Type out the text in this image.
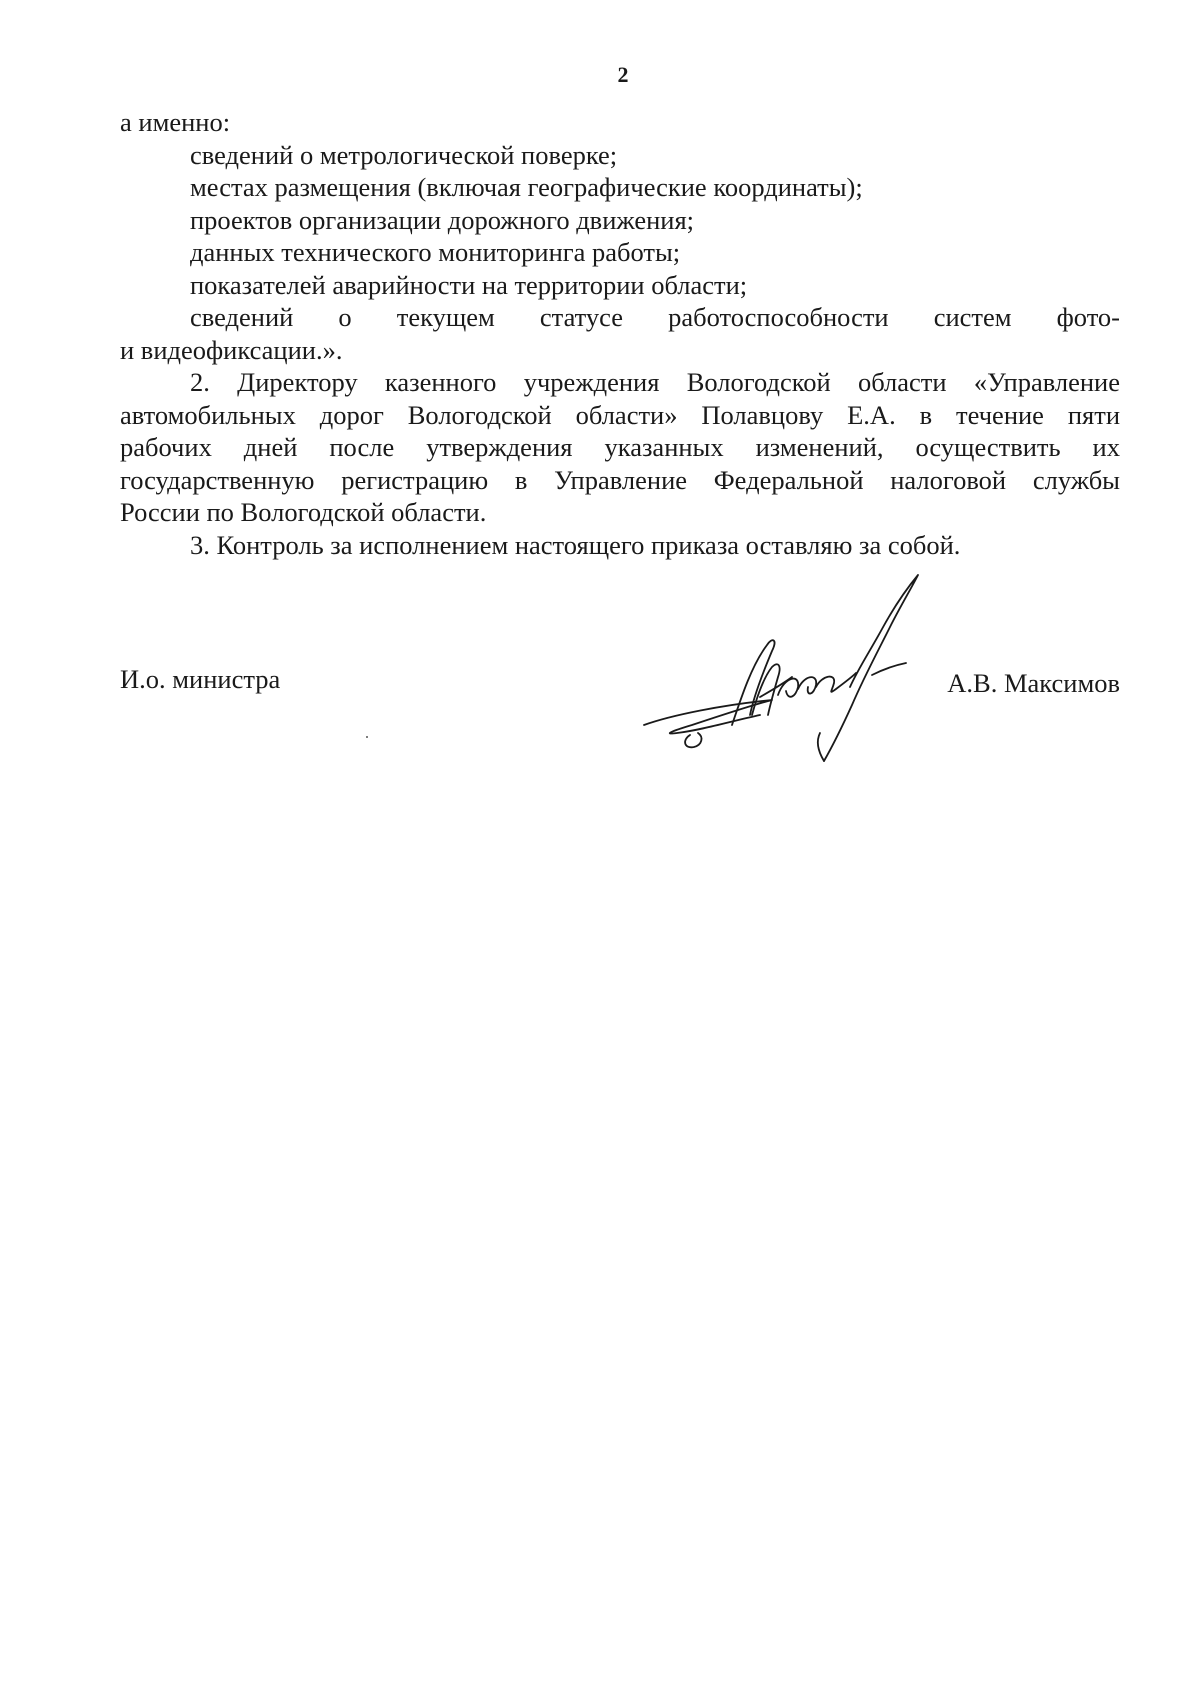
2
а именно:
сведений о метрологической поверке;
местах размещения (включая географические координаты);
проектов организации дорожного движения;
данных технического мониторинга работы;
показателей аварийности на территории области;
сведений о текущем статусе работоспособности систем фото-
и видеофиксации.».
2. Директору казенного учреждения Вологодской области «Управление
автомобильных дорог Вологодской области» Полавцову Е.А. в течение пяти
рабочих дней после утверждения указанных изменений, осуществить их
государственную регистрацию в Управление Федеральной налоговой службы
России по Вологодской области.
3. Контроль за исполнением настоящего приказа оставляю за собой.
И.о. министра	А.В. Максимов
